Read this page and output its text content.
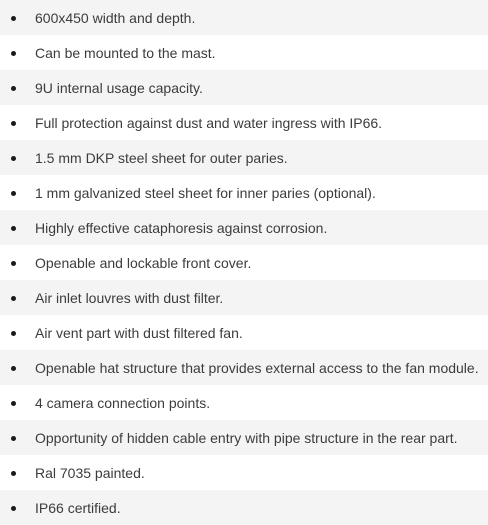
600x450 width and depth.
Can be mounted to the mast.
9U internal usage capacity.
Full protection against dust and water ingress with IP66.
1.5 mm DKP steel sheet for outer paries.
1 mm galvanized steel sheet for inner paries (optional).
Highly effective cataphoresis against corrosion.
Openable and lockable front cover.
Air inlet louvres with dust filter.
Air vent part with dust filtered fan.
Openable hat structure that provides external access to the fan module.
4 camera connection points.
Opportunity of hidden cable entry with pipe structure in the rear part.
Ral 7035 painted.
IP66 certified.
